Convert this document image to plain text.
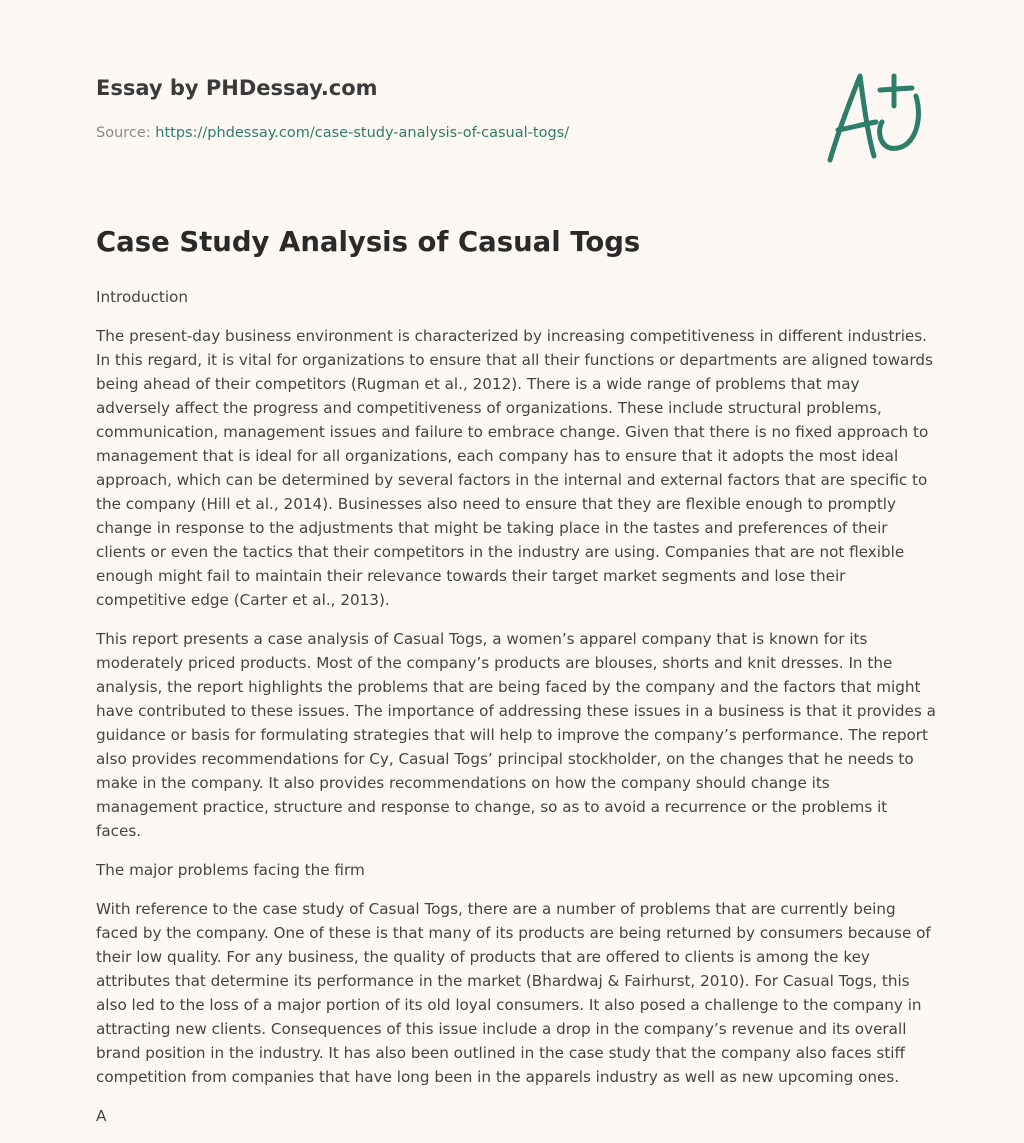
Essay by PHDessay.com
Source: https://phdessay.com/case-study-analysis-of-casual-togs/
Case Study Analysis of Casual Togs

Introduction

The present-day business environment is characterized by increasing competitiveness in different industries. In this regard, it is vital for organizations to ensure that all their functions or departments are aligned towards being ahead of their competitors (Rugman et al., 2012). There is a wide range of problems that may adversely affect the progress and competitiveness of organizations. These include structural problems, communication, management issues and failure to embrace change. Given that there is no fixed approach to management that is ideal for all organizations, each company has to ensure that it adopts the most ideal approach, which can be determined by several factors in the internal and external factors that are specific to the company (Hill et al., 2014). Businesses also need to ensure that they are flexible enough to promptly change in response to the adjustments that might be taking place in the tastes and preferences of their clients or even the tactics that their competitors in the industry are using. Companies that are not flexible enough might fail to maintain their relevance towards their target market segments and lose their competitive edge (Carter et al., 2013).

This report presents a case analysis of Casual Togs, a women’s apparel company that is known for its moderately priced products. Most of the company’s products are blouses, shorts and knit dresses. In the analysis, the report highlights the problems that are being faced by the company and the factors that might have contributed to these issues. The importance of addressing these issues in a business is that it provides a guidance or basis for formulating strategies that will help to improve the company’s performance. The report also provides recommendations for Cy, Casual Togs’ principal stockholder, on the changes that he needs to make in the company. It also provides recommendations on how the company should change its management practice, structure and response to change, so as to avoid a recurrence or the problems it faces.

The major problems facing the firm

With reference to the case study of Casual Togs, there are a number of problems that are currently being faced by the company. One of these is that many of its products are being returned by consumers because of their low quality. For any business, the quality of products that are offered to clients is among the key attributes that determine its performance in the market (Bhardwaj & Fairhurst, 2010). For Casual Togs, this also led to the loss of a major portion of its old loyal consumers. It also posed a challenge to the company in attracting new clients. Consequences of this issue include a drop in the company’s revenue and its overall brand position in the industry. It has also been outlined in the case study that the company also faces stiff competition from companies that have long been in the apparels industry as well as new upcoming ones.

A
